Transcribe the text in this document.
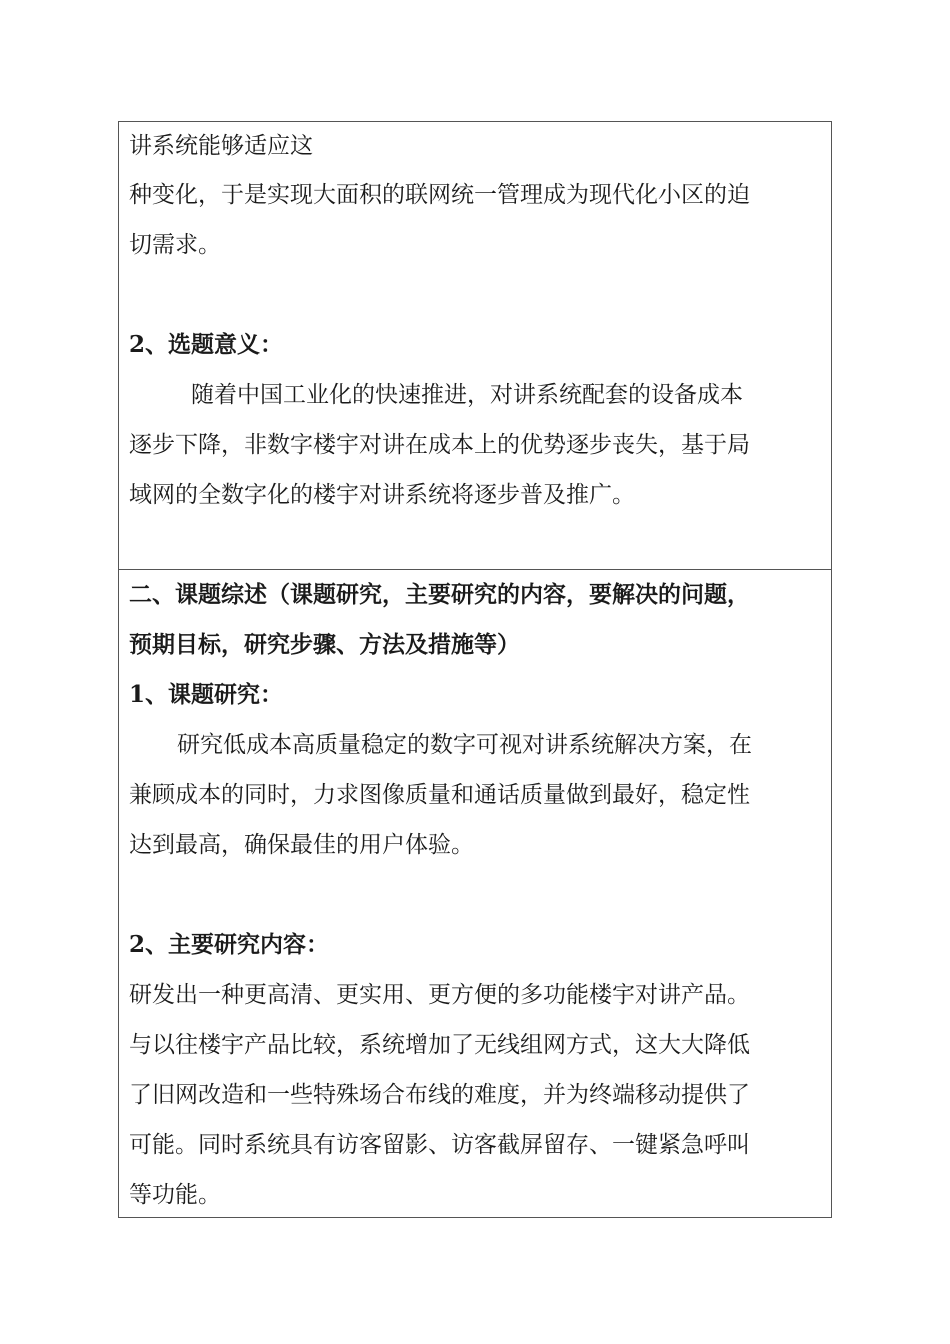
讲系统能够适应这
种变化，于是实现大面积的联网统一管理成为现代化小区的迫
切需求。
2、选题意义：
随着中国工业化的快速推进，对讲系统配套的设备成本
逐步下降，非数字楼宇对讲在成本上的优势逐步丧失，基于局
域网的全数字化的楼宇对讲系统将逐步普及推广。
二、课题综述（课题研究，主要研究的内容，要解决的问题，
预期目标，研究步骤、方法及措施等）
1、课题研究：
研究低成本高质量稳定的数字可视对讲系统解决方案，在
兼顾成本的同时，力求图像质量和通话质量做到最好，稳定性
达到最高，确保最佳的用户体验。
2、主要研究内容：
研发出一种更高清、更实用、更方便的多功能楼宇对讲产品。
与以往楼宇产品比较，系统增加了无线组网方式，这大大降低
了旧网改造和一些特殊场合布线的难度，并为终端移动提供了
可能。同时系统具有访客留影、访客截屏留存、一键紧急呼叫
等功能。
